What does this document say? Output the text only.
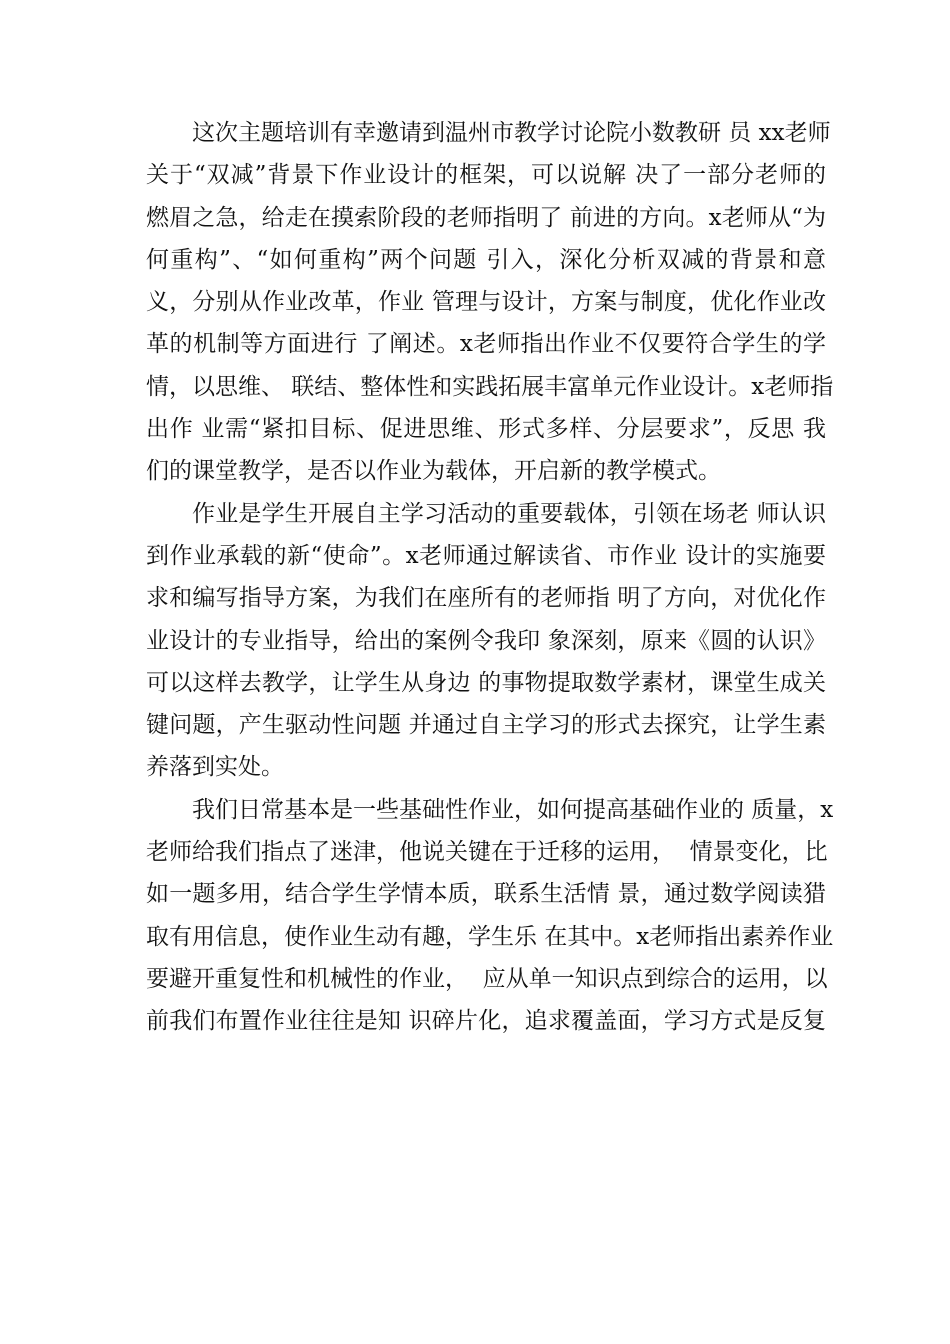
这次主题培训有幸邀请到温州市教学讨论院小数教研 员 xx老师
关于“双减”背景下作业设计的框架，可以说解 决了一部分老师的
燃眉之急，给走在摸索阶段的老师指明了 前进的方向。x老师从“为
何重构”、“如何重构”两个问题 引入，深化分析双减的背景和意
义，分别从作业改革，作业 管理与设计，方案与制度，优化作业改
革的机制等方面进行 了阐述。x老师指出作业不仅要符合学生的学
情，以思维、 联结、整体性和实践拓展丰富单元作业设计。x老师指
出作 业需“紧扣目标、促进思维、形式多样、分层要求”，反思 我
们的课堂教学，是否以作业为载体，开启新的教学模式。
作业是学生开展自主学习活动的重要载体，引领在场老 师认识
到作业承载的新“使命”。x老师通过解读省、市作业 设计的实施要
求和编写指导方案，为我们在座所有的老师指 明了方向，对优化作
业设计的专业指导，给出的案例令我印 象深刻，原来《圆的认识》
可以这样去教学，让学生从身边 的事物提取数学素材，课堂生成关
键问题，产生驱动性问题 并通过自主学习的形式去探究，让学生素
养落到实处。
我们日常基本是一些基础性作业，如何提高基础作业的 质量，x
老师给我们指点了迷津，他说关键在于迁移的运用，  情景变化，比
如一题多用，结合学生学情本质，联系生活情 景，通过数学阅读猎
取有用信息，使作业生动有趣，学生乐 在其中。x老师指出素养作业
要避开重复性和机械性的作业，  应从单一知识点到综合的运用，以
前我们布置作业往往是知 识碎片化，追求覆盖面，学习方式是反复
